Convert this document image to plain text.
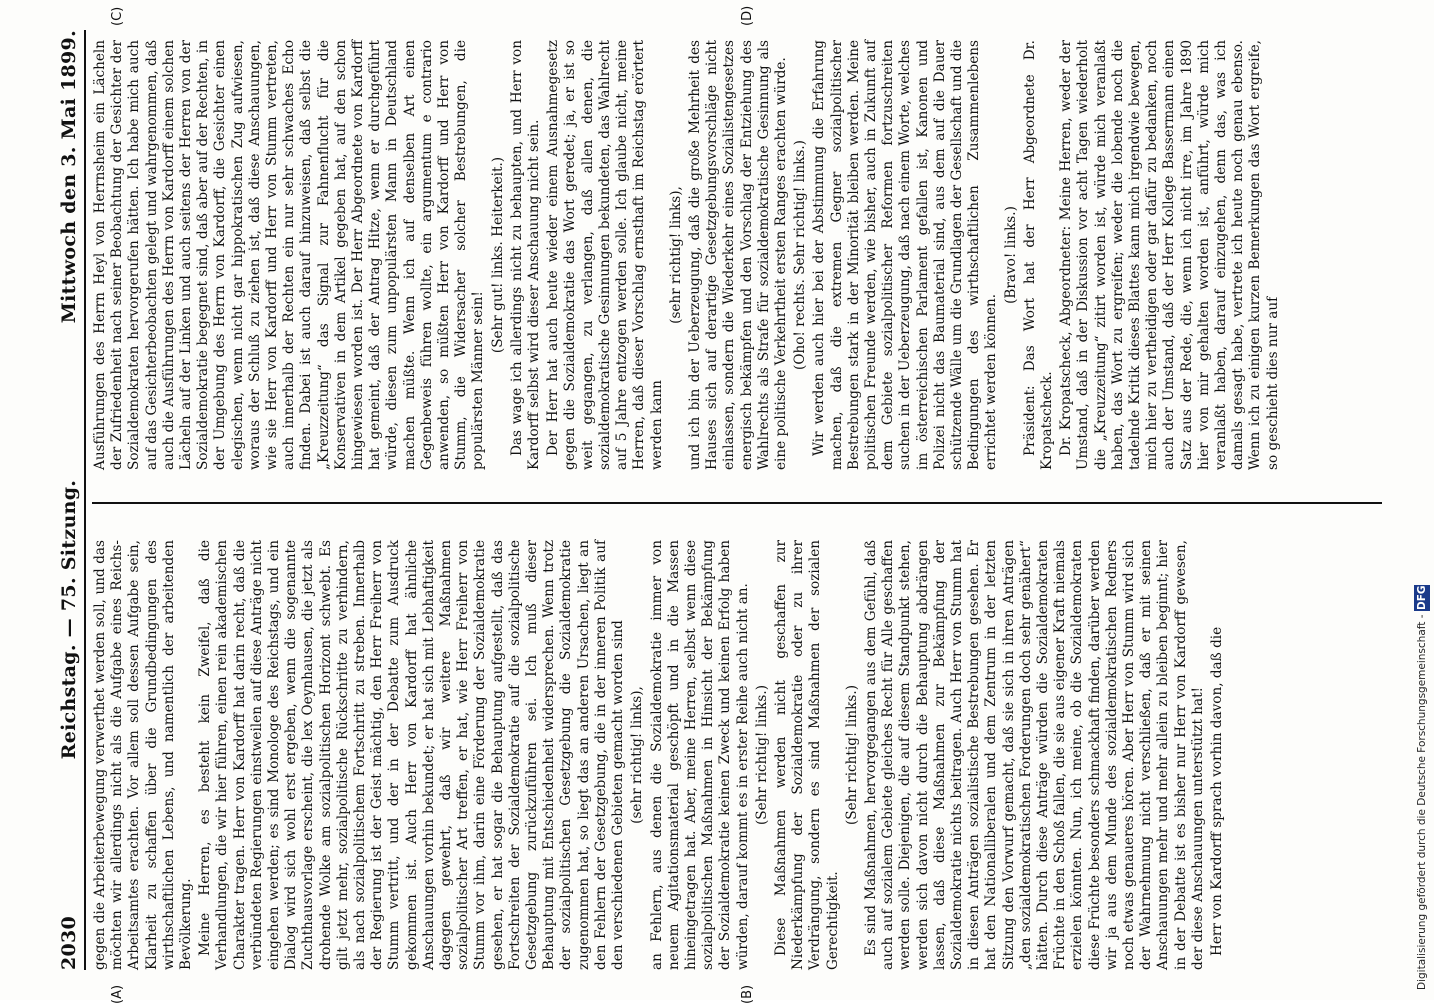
2030
Reichstag. — 75. Sitzung.
Mittwoch den 3. Mai 1899.
(A)	(B)
(C)	(D)

gegen die Arbeiterbewegung verwerthet werden soll, und das möchten wir allerdings nicht als die Aufgabe eines Reichs-Arbeitsamtes erachten. Vor allem soll dessen Aufgabe sein, Klarheit zu schaffen über die Grundbedingungen des wirthschaftlichen Lebens, und namentlich der arbeitenden Bevölkerung. Meine Herren, es besteht kein Zweifel, daß die Verhandlungen, die wir hier führen, einen rein akademischen Charakter tragen. Herr von Kardorff hat darin recht, daß die verbündeten Regierungen einstweilen auf diese Anträge nicht eingehen werden; es sind Monologe des Reichstags, und ein Dialog wird sich wohl erst ergeben, wenn die sogenannte Zuchthausvorlage erscheint, die lex Oeynhausen, die jetzt als drohende Wolke am sozialpolitischen Horizont schwebt. Es gilt jetzt mehr, sozialpolitische Rückschritte zu verhindern, als nach sozialpolitischem Fortschritt zu streben. Innerhalb der Regierung ist der Geist mächtig, den Herr Freiherr von Stumm vertritt, und der in der Debatte zum Ausdruck gekommen ist. Auch Herr von Kardorff hat ähnliche Anschauungen vorhin bekundet; er hat sich mit Lebhaftigkeit dagegen gewehrt, daß wir weitere Maßnahmen sozialpolitischer Art treffen, er hat, wie Herr Freiherr von Stumm vor ihm, darin eine Förderung der Sozialdemokratie gesehen, er hat sogar die Behauptung aufgestellt, daß das Fortschreiten der Sozialdemokratie auf die sozialpolitische Gesetzgebung zurückzuführen sei. Ich muß dieser Behauptung mit Entschiedenheit widersprechen. Wenn trotz der sozialpolitischen Gesetzgebung die Sozialdemokratie zugenommen hat, so liegt das an anderen Ursachen, liegt an den Fehlern der Gesetzgebung, die in der inneren Politik auf den verschiedenen Gebieten gemacht worden sind (sehr richtig! links), an Fehlern, aus denen die Sozialdemokratie immer von neuem Agitationsmaterial geschöpft und in die Massen hineingetragen hat. Aber, meine Herren, selbst wenn diese sozialpolitischen Maßnahmen in Hinsicht der Bekämpfung der Sozialdemokratie keinen Zweck und keinen Erfolg haben würden, darauf kommt es in erster Reihe auch nicht an. (Sehr richtig! links.) Diese Maßnahmen werden nicht geschaffen zur Niederkämpfung der Sozialdemokratie oder zu ihrer Verdrängung, sondern es sind Maßnahmen der sozialen Gerechtigkeit.

(Sehr richtig! links.) Es sind Maßnahmen, hervorgegangen aus dem Gefühl, daß auch auf sozialem Gebiete gleiches Recht für Alle geschaffen werden solle. Diejenigen, die auf diesem Standpunkt stehen, werden sich davon nicht durch die Behauptung abdrängen lassen, daß diese Maßnahmen zur Bekämpfung der Sozialdemokratie nichts beitragen. Auch Herr von Stumm hat in diesen Anträgen sozialistische Bestrebungen gesehen. Er hat den Nationalliberalen und dem Zentrum in der letzten Sitzung den Vorwurf gemacht, daß sie sich in ihren Anträgen „den sozialdemokratischen Forderungen doch sehr genähert“ hätten. Durch diese Anträge würden die Sozialdemokraten Früchte in den Schoß fallen, die sie aus eigener Kraft niemals erzielen könnten. Nun, ich meine, ob die Sozialdemokraten diese Früchte besonders schmackhaft finden, darüber werden wir ja aus dem Munde des sozialdemokratischen Redners noch etwas genaueres hören. Aber Herr von Stumm wird sich der Wahrnehmung nicht verschließen, daß er mit seinen Anschauungen mehr und mehr allein zu bleiben beginnt; hier in der Debatte ist es bisher nur Herr von Kardorff gewesen, der diese Anschauungen unterstützt hat! Herr von Kardorff sprach vorhin davon, daß die

Ausführungen des Herrn Heyl von Herrnsheim ein Lächeln der Zufriedenheit nach seiner Beobachtung der Gesichter der Sozialdemokraten hervorgerufen hätten. Ich habe mich auch auf das Gesichterbeobachten gelegt und wahrgenommen, daß auch die Ausführungen des Herrn von Kardorff einem solchen Lächeln auf der Linken und auch seitens der Herren von der Sozialdemokratie begegnet sind, daß aber auf der Rechten, in der Umgebung des Herrn von Kardorff, die Gesichter einen elegischen, wenn nicht gar hippokratischen Zug aufwiesen, woraus der Schluß zu ziehen ist, daß diese Anschauungen, wie sie Herr von Kardorff und Herr von Stumm vertreten, auch innerhalb der Rechten ein nur sehr schwaches Echo finden. Dabei ist auch darauf hinzuweisen, daß selbst die „Kreuzzeitung“ das Signal zur Fahnenflucht für die Konservativen in dem Artikel gegeben hat, auf den schon hingewiesen worden ist. Der Herr Abgeordnete von Kardorff hat gemeint, daß der Antrag Hitze, wenn er durchgeführt würde, diesen zum unpopulärsten Mann in Deutschland machen müßte. Wenn ich auf denselben Art einen Gegenbeweis führen wollte, ein argumentum e contrario anwenden, so müßten Herr von Kardorff und Herr von Stumm, die Widersacher solcher Bestrebungen, die populärsten Männer sein!

(Sehr gut! links. Heiterkeit.) Das wage ich allerdings nicht zu behaupten, und Herr von Kardorff selbst wird dieser Anschauung nicht sein. Der Herr hat auch heute wieder einem Ausnahmegesetz gegen die Sozialdemokratie das Wort geredet; ja, er ist so weit gegangen, zu verlangen, daß allen denen, die sozialdemokratische Gesinnungen bekundeten, das Wahlrecht auf 5 Jahre entzogen werden solle. Ich glaube nicht, meine Herren, daß dieser Vorschlag ernsthaft im Reichstag erörtert werden kann

(sehr richtig! links), und ich bin der Ueberzeugung, daß die große Mehrheit des Hauses sich auf derartige Gesetzgebungsvorschläge nicht einlassen, sondern die Wiederkehr eines Sozialistengesetzes energisch bekämpfen und den Vorschlag der Entziehung des Wahlrechts als Strafe für sozialdemokratische Gesinnung als eine politische Verkehrtheit ersten Ranges erachten würde. (Oho! rechts. Sehr richtig! links.) Wir werden auch hier bei der Abstimmung die Erfahrung machen, daß die extremen Gegner sozialpolitischer Bestrebungen stark in der Minorität bleiben werden. Meine politischen Freunde werden, wie bisher, auch in Zukunft auf dem Gebiete sozialpolitischer Reformen fortzuschreiten suchen in der Ueberzeugung, daß nach einem Worte, welches im österreichischen Parlament gefallen ist, Kanonen und Polizei nicht das Baumaterial sind, aus dem auf die Dauer schützende Wälle um die Grundlagen der Gesellschaft und die Bedingungen des wirthschaftlichen Zusammenlebens errichtet werden können.

(Bravo! links.) Präsident: Das Wort hat der Herr Abgeordnete Dr. Kropatscheck. Dr. Kropatscheck, Abgeordneter: Meine Herren, weder der Umstand, daß in der Diskussion vor acht Tagen wiederholt die „Kreuzzeitung“ zitirt worden ist, würde mich veranlaßt haben, das Wort zu ergreifen; weder die lobende noch die tadelnde Kritik dieses Blattes kann mich irgendwie bewegen, mich hier zu vertheidigen oder gar dafür zu bedanken, noch auch der Umstand, daß der Herr Kollege Bassermann einen Satz aus der Rede, die, wenn ich nicht irre, im Jahre 1890 hier von mir gehalten worden ist, anführt, würde mich veranlaßt haben, darauf einzugehen, denn das, was ich damals gesagt habe, vertrete ich heute noch genau ebenso. Wenn ich zu einigen kurzen Bemerkungen das Wort ergreife, so geschieht dies nur auf

Digitalisierung gefördert durch die Deutsche Forschungsgemeinschaft - DFG
